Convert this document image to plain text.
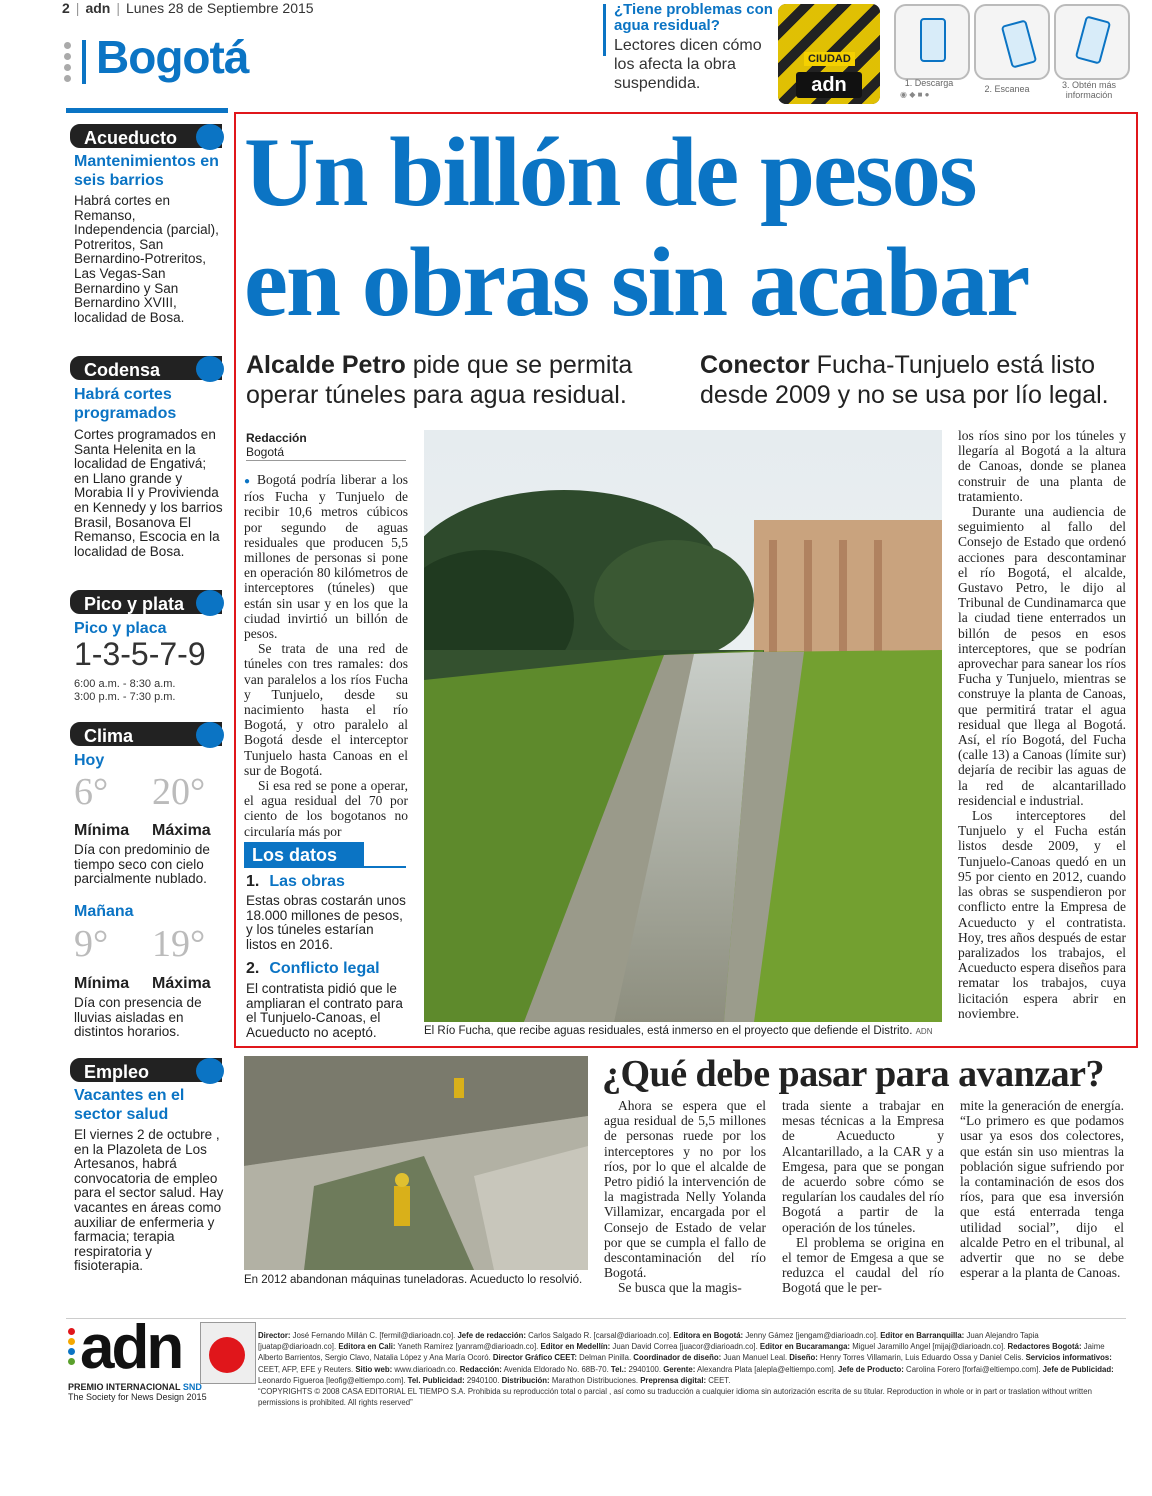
2 | adn | Lunes 28 de Septiembre 2015
Bogotá
¿Tiene problemas con agua residual?
Lectores dicen cómo los afecta la obra suspendida.
CIUDAD
adn	1. Descarga
◉ ◆ ■ ●
2. Escanea	3. Obtén más información
Acueducto
Mantenimientos en seis barrios
Habrá cortes en Remanso, Independencia (parcial), Potreritos, San Bernardino-Potreritos, Las Vegas-San Bernardino y San Bernardino XVIII, localidad de Bosa.
Codensa
Habrá cortes programados
Cortes programados en Santa Helenita en la localidad de Engativá; en Llano grande y Morabia II y Provivienda en Kennedy y los barrios Brasil, Bosanova El Remanso, Escocia en la localidad de Bosa.
Pico y plata
Pico y placa
1-3-5-7-9
6:00 a.m. - 8:30 a.m.
3:00 p.m. - 7:30 p.m.
Clima
Hoy
6° 20°
Mínima Máxima
Día con predominio de tiempo seco con cielo parcialmente nublado.
Mañana
9° 19°
Mínima Máxima
Día con presencia de lluvias aisladas en distintos horarios.
Empleo
Vacantes en el sector salud
El viernes 2 de octubre , en la Plazoleta de Los Artesanos, habrá convocatoria de empleo para el sector salud. Hay vacantes en áreas como auxiliar de enfermeria y farmacia; terapia respiratoria y fisioterapia.
Un billón de pesos
en obras sin acabar
Alcalde Petro pide que se permita operar túneles para agua residual.
Conector Fucha-Tunjuelo está listo desde 2009 y no se usa por lío legal.
Redacción
Bogotá

● Bogotá podría liberar a los ríos Fucha y Tunjuelo de recibir 10,6 metros cúbicos por segundo de aguas residuales que producen 5,5 millones de personas si pone en operación 80 kilómetros de interceptores (túneles) que están sin usar y en los que la ciudad invirtió un billón de pesos.

Se trata de una red de túneles con tres ramales: dos van paralelos a los ríos Fucha y Tunjuelo, desde su nacimiento hasta el río Bogotá, y otro paralelo al Bogotá desde el interceptor Tunjuelo hasta Canoas en el sur de Bogotá.

Si esa red se pone a operar, el agua residual del 70 por ciento de los bogotanos no circularía más por

El Río Fucha, que recibe aguas residuales, está inmerso en el proyecto que defiende el Distrito. ADN

los ríos sino por los túneles y llegaría al Bogotá a la altura de Canoas, donde se planea construir de una planta de tratamiento.

Durante una audiencia de seguimiento al fallo del Consejo de Estado que ordenó acciones para descontaminar el río Bogotá, el alcalde, Gustavo Petro, le dijo al Tribunal de Cundinamarca que la ciudad tiene enterrados un billón de pesos en esos interceptores, que se podrían aprovechar para sanear los ríos Fucha y Tunjuelo, mientras se construye la planta de Canoas, que permitirá tratar el agua residual que llega al Bogotá. Así, el río Bogotá, del Fucha (calle 13) a Canoas (límite sur) dejaría de recibir las aguas de la red de alcantarillado residencial e industrial.

Los interceptores del Tunjuelo y el Fucha están listos desde 2009, y el Tunjuelo-Canoas quedó en un 95 por ciento en 2012, cuando las obras se suspendieron por conflicto entre la Empresa de Acueducto y el contratista. Hoy, tres años después de estar paralizados los trabajos, el Acueducto espera diseños para rematar los trabajos, cuya licitación espera abrir en noviembre.

Los datos
1. Las obras
Estas obras costarán unos 18.000 millones de pesos, y los túneles estarían listos en 2016.
2. Conflicto legal
El contratista pidió que le ampliaran el contrato para el Tunjuelo-Canoas, el Acueducto no aceptó.
En 2012 abandonan máquinas tuneladoras. Acueducto lo resolvió.
¿Qué debe pasar para avanzar?

Ahora se espera que el agua residual de 5,5 millones de personas ruede por los interceptores y no por los ríos, por lo que el alcalde de Petro pidió la intervención de la magistrada Nelly Yolanda Villamizar, encargada por el Consejo de Estado de velar por que se cumpla el fallo de descontaminación del río Bogotá.

Se busca que la magis-

trada siente a trabajar en mesas técnicas a la Empresa de Acueducto y Alcantarillado, a la CAR y a Emgesa, para que se pongan de acuerdo sobre cómo se regularían los caudales del río Bogotá a partir de la operación de los túneles.

El problema se origina en el temor de Emgesa a que se reduzca el caudal del río Bogotá que le per-

mite la generación de energía. “Lo primero es que podamos usar ya esos dos colectores, que están sin uso mientras la población sigue sufriendo por la contaminación de esos dos ríos, para que esa inversión que está enterrada tenga utilidad social”, dijo el alcalde Petro en el tribunal, al advertir que no se debe esperar a la planta de Canoas.

adn
PREMIO INTERNACIONAL SND
The Society for News Design 2015
Director: José Fernando Millán C. [fermil@diarioadn.co]. Jefe de redacción: Carlos Salgado R. [carsal@diarioadn.co]. Editora en Bogotá: Jenny Gámez [jengam@diarioadn.co]. Editor en Barranquilla: Juan Alejandro Tapia [juatap@diarioadn.co]. Editora en Cali: Yaneth Ramírez [yanram@diarioadn.co]. Editor en Medellín: Juan David Correa [juacor@diarioadn.co]. Editor en Bucaramanga: Miguel Jaramillo Angel [mijaj@diarioadn.co]. Redactores Bogotá: Jaime Alberto Barrientos, Sergio Clavo, Natalia López y Ana María Ocoró. Director Gráfico CEET: Delman Pinilla. Coordinador de diseño: Juan Manuel Leal. Diseño: Henry Torres Villamarin, Luis Eduardo Ossa y Daniel Celis. Servicios informativos: CEET, AFP, EFE y Reuters. Sitio web: www.diarioadn.co. Redacción: Avenida Eldorado No. 68B-70. Tel.: 2940100. Gerente: Alexandra Plata [alepla@eltiempo.com]. Jefe de Producto: Carolina Forero [forfai@eltiempo.com]. Jefe de Publicidad: Leonardo Figueroa [leofig@eltiempo.com]. Tel. Publicidad: 2940100. Distribución: Marathon Distribuciones. Preprensa digital: CEET.
“COPYRIGHTS © 2008 CASA EDITORIAL EL TIEMPO S.A. Prohibida su reproducción total o parcial , así como su traducción a cualquier idioma sin autorización escrita de su titular. Reproduction in whole or in part or traslation without written permissions is prohibited. All rights reserved”
